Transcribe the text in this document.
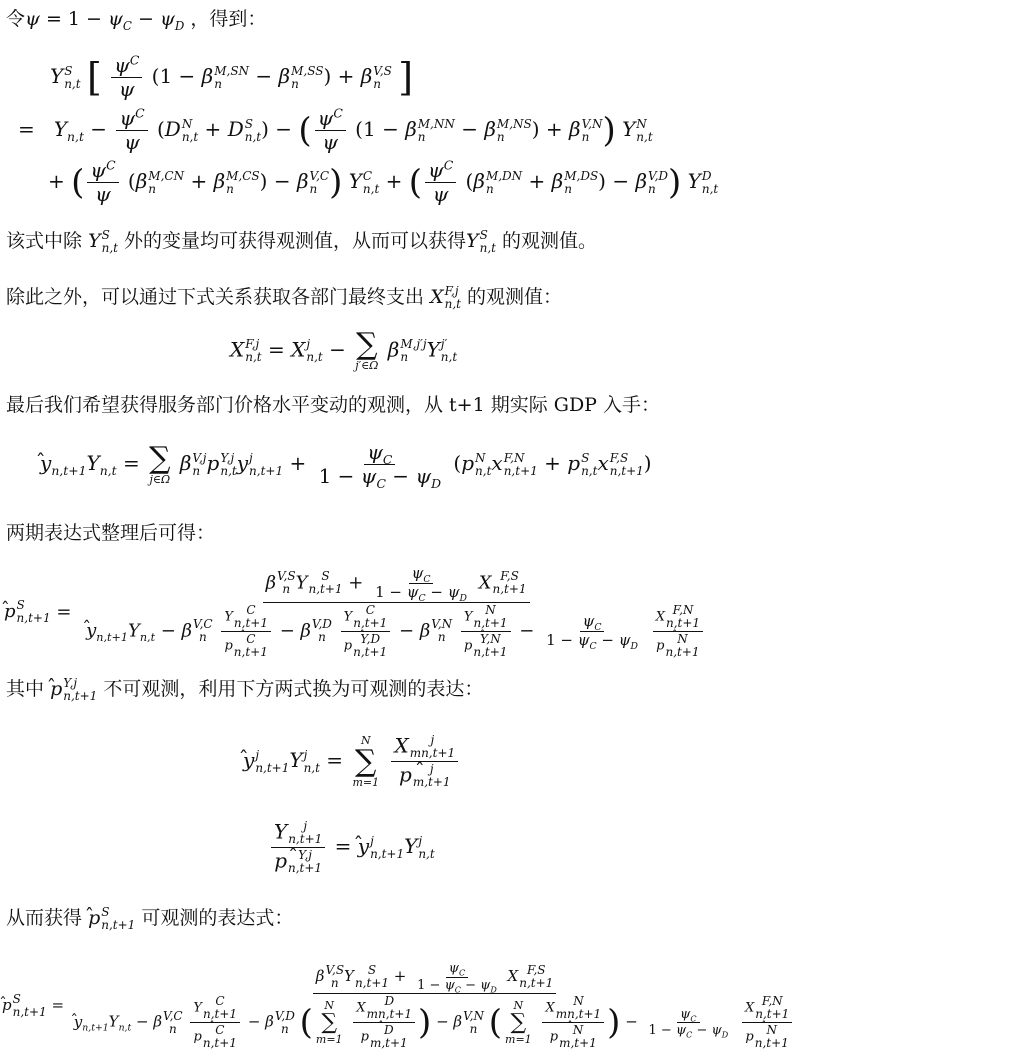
令$\psi = 1 - \psi_C - \psi_D$ ，得到：
Y S
n,t [ $\frac{\psi^C}{\psi} (1 - \beta$ M,SN
n	− β M,SS
n	) + β V,S
n ]
=   $Y_{n,t} - \frac{\psi^C}{\psi} (D$ N
n,t + D S
n,t ) − ( $\frac{\psi^C}{\psi} (1 - \beta$ M,NN
n	− β M,NS
n	) + β V,N
n ) Y N
n,t
+ ( $\frac{\psi^C}{\psi} (\beta$ M,CN
n	+ β M,CS
n	) − β V,C
n ) Y C
n,t + ( $\frac{\psi^C}{\psi} (\beta$ M,DN
n	+ β M,DS
n	) − β V,D
n ) Y D
n,t
该式中除 Y S
n,t 外的变量均可获得观测值，从而可以获得Y S
n,t 的观测值。
除此之外，可以通过下式关系获取各部门最终支出 X F,j
n,t 的观测值：
X F,j
n,t = X j
n,t − ∑
j′∈Ω
β M,j′j
n Y j′
n,t
最后我们希望获得服务部门价格水平变动的观测，从 t+1 期实际 GDP 入手：
̂ $y_{n,t+1}Y_{n,t}$ = ∑
j∈Ω
β V,j
n p Y,j
n,t y j
$n,t+1 + \frac{\psi_C}{1 - \psi_C - \psi_D} (p$ N
n,t x F,N
n,t+1 + p S
n,t x F,S
n,t+1 )
两期表达式整理后可得：
̂ p S
n,t+1 =
β V,S
n Y	S
$n,t+1 + \frac{\psi_C}{1 - \psi_C - \psi_D}$ X F,S
n,t+1
̂ $y_{n,t+1}Y_{n,t} - \beta$ V,C
n
	Y	C
n,t+1
̂ p	C
n,t+1 − β V,D
n
	Y	C
n,t+1
̂ p Y,D
n,t+1 − β V,N
n
	Y	N
n,t+1
̂ p Y,N
$n,t+1 - \frac{\psi_C}{1 - \psi_C - \psi_D}$
X F,N
n,t+1
̂ p	N
n,t+1
其中 ̂ p Y,j
n,t+1 不可观测，利用下方两式换为可观测的表达：
̂ y j
n,t+1 Y j
n,t =
N
∑
m=1
X	j
mn,t+1
̂ p	j
m,t+1
Y	j
n,t+1
̂ p Y,j
n,t+1 = ̂ y j
n,t+1 Y j
n,t
从而获得 ̂ p S
n,t+1 可观测的表达式：
̂ p S
n,t+1 =
β V,S
n Y	S
$n,t+1 + \frac{\psi_C}{1 - \psi_C - \psi_D}$ X F,S
n,t+1
̂ $y_{n,t+1}Y_{n,t} - \beta$ V,C
n
	Y	C
n,t+1
̂ p	C
n,t+1 − β V,D
n ( N
∑
m=1
X	D
mn,t+1
̂ p	D
m,t+1 ) − β V,N
n ( N
∑
m=1
X	N
mn,t+1
̂ p	N
m,t+1 ) − $\frac{\psi_C}{1 - \psi_C - \psi_D}$
X F,N
n,t+1
̂ p	N
n,t+1
